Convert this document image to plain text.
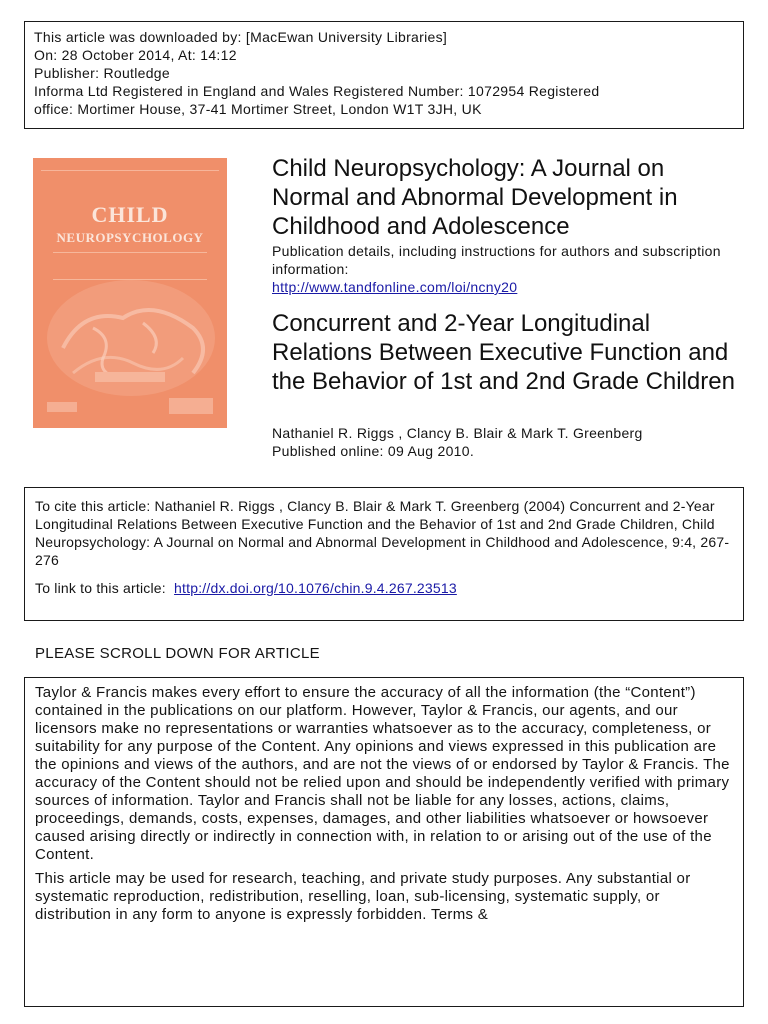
This article was downloaded by: [MacEwan University Libraries]
On: 28 October 2014, At: 14:12
Publisher: Routledge
Informa Ltd Registered in England and Wales Registered Number: 1072954 Registered
office: Mortimer House, 37-41 Mortimer Street, London W1T 3JH, UK
CHILD
NEUROPSYCHOLOGY
Child Neuropsychology: A Journal on Normal and Abnormal Development in Childhood and Adolescence
Publication details, including instructions for authors and subscription information:
http://www.tandfonline.com/loi/ncny20
Concurrent and 2-Year Longitudinal Relations Between Executive Function and the Behavior of 1st and 2nd Grade Children
Nathaniel R. Riggs , Clancy B. Blair & Mark T. Greenberg
Published online: 09 Aug 2010.
To cite this article: Nathaniel R. Riggs , Clancy B. Blair & Mark T. Greenberg (2004) Concurrent and 2-Year Longitudinal Relations Between Executive Function and the Behavior of 1st and 2nd Grade Children, Child Neuropsychology: A Journal on Normal and Abnormal Development in Childhood and Adolescence, 9:4, 267-276
To link to this article: http://dx.doi.org/10.1076/chin.9.4.267.23513
PLEASE SCROLL DOWN FOR ARTICLE

Taylor & Francis makes every effort to ensure the accuracy of all the information (the “Content”) contained in the publications on our platform. However, Taylor & Francis, our agents, and our licensors make no representations or warranties whatsoever as to the accuracy, completeness, or suitability for any purpose of the Content. Any opinions and views expressed in this publication are the opinions and views of the authors, and are not the views of or endorsed by Taylor & Francis. The accuracy of the Content should not be relied upon and should be independently verified with primary sources of information. Taylor and Francis shall not be liable for any losses, actions, claims, proceedings, demands, costs, expenses, damages, and other liabilities whatsoever or howsoever caused arising directly or indirectly in connection with, in relation to or arising out of the use of the Content.

This article may be used for research, teaching, and private study purposes. Any substantial or systematic reproduction, redistribution, reselling, loan, sub-licensing, systematic supply, or distribution in any form to anyone is expressly forbidden. Terms &
